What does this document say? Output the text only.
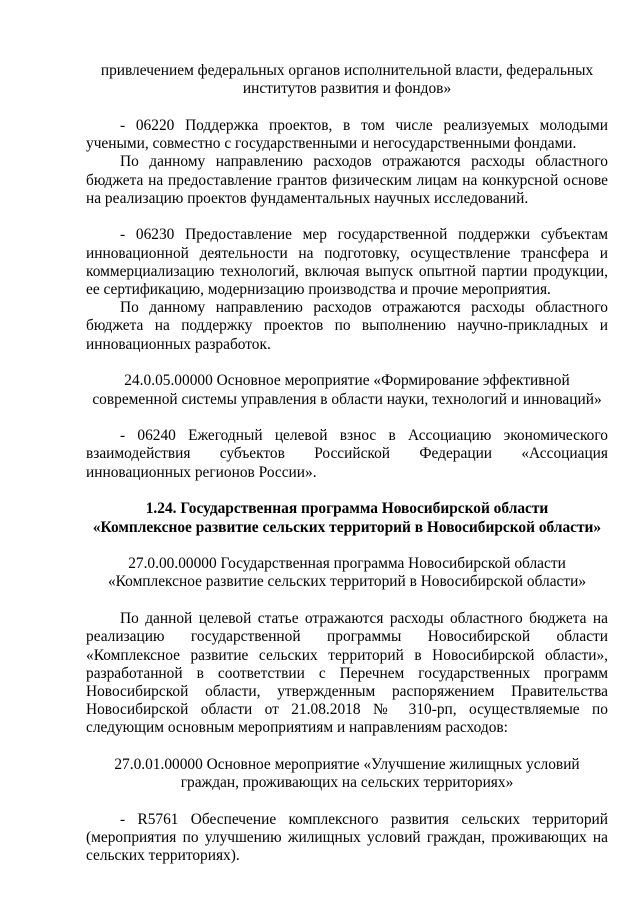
привлечением федеральных органов исполнительной власти, федеральных
институтов развития и фондов»

- 06220 Поддержка проектов, в том числе реализуемых молодыми учеными, совместно с государственными и негосударственными фондами.

По данному направлению расходов отражаются расходы областного бюджета на предоставление грантов физическим лицам на конкурсной основе на реализацию проектов фундаментальных научных исследований.

- 06230 Предоставление мер государственной поддержки субъектам инновационной деятельности на подготовку, осуществление трансфера и коммерциализацию технологий, включая выпуск опытной партии продукции, ее сертификацию, модернизацию производства и прочие мероприятия.

По данному направлению расходов отражаются расходы областного бюджета на поддержку проектов по выполнению научно-прикладных и инновационных разработок.

24.0.05.00000 Основное мероприятие «Формирование эффективной
современной системы управления в области науки, технологий и инноваций»

- 06240 Ежегодный целевой взнос в Ассоциацию экономического взаимодействия субъектов Российской Федерации «Ассоциация инновационных регионов России».

1.24. Государственная программа Новосибирской области
«Комплексное развитие сельских территорий в Новосибирской области»
27.0.00.00000 Государственная программа Новосибирской области
«Комплексное развитие сельских территорий в Новосибирской области»

По данной целевой статье отражаются расходы областного бюджета на реализацию государственной программы Новосибирской области «Комплексное развитие сельских территорий в Новосибирской области», разработанной в соответствии с Перечнем государственных программ Новосибирской области, утвержденным распоряжением Правительства Новосибирской области от 21.08.2018 № 310-рп, осуществляемые по следующим основным мероприятиям и направлениям расходов:

27.0.01.00000 Основное мероприятие «Улучшение жилищных условий
граждан, проживающих на сельских территориях»

- R5761 Обеспечение комплексного развития сельских территорий (мероприятия по улучшению жилищных условий граждан, проживающих на сельских территориях).
